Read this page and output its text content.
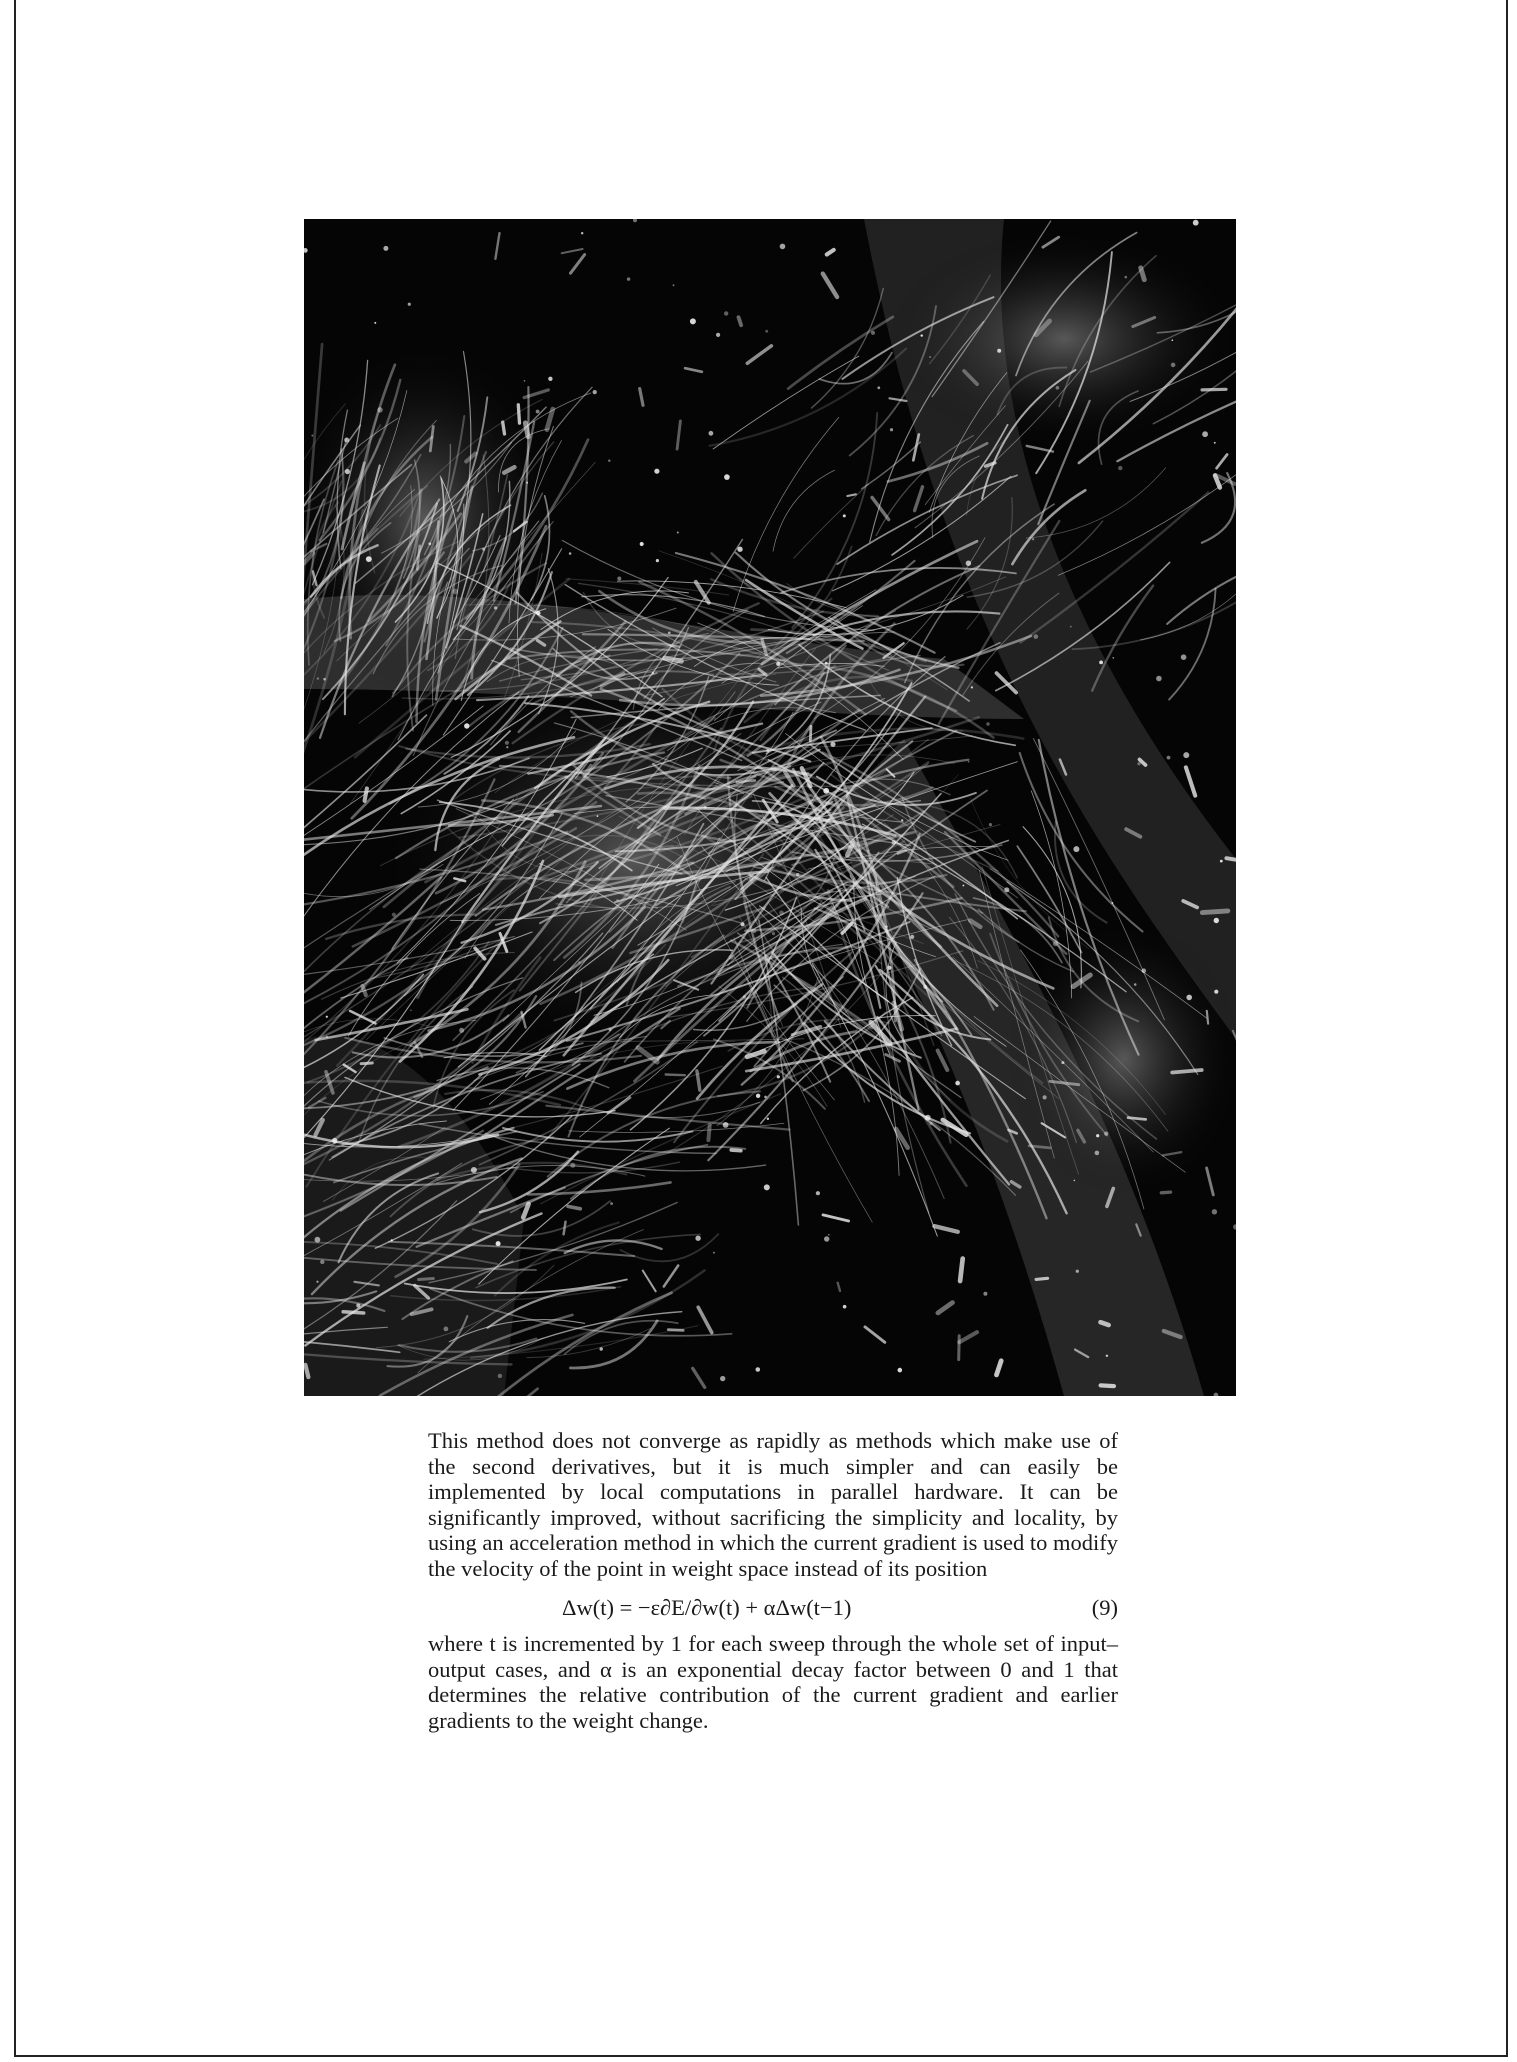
This method does not converge as rapidly as methods which make use of the second derivatives, but it is much simpler and can easily be implemented by local computations in parallel hardware. It can be significantly improved, without sacrificing the simplicity and locality, by using an acceleration method in which the current gradient is used to modify the velocity of the point in weight space instead of its position

Δw(t) = −ε∂E/∂w(t) + αΔw(t−1)	(9)

where t is incremented by 1 for each sweep through the whole set of input–output cases, and α is an exponential decay factor between 0 and 1 that determines the relative contribution of the current gradient and earlier gradients to the weight change.
